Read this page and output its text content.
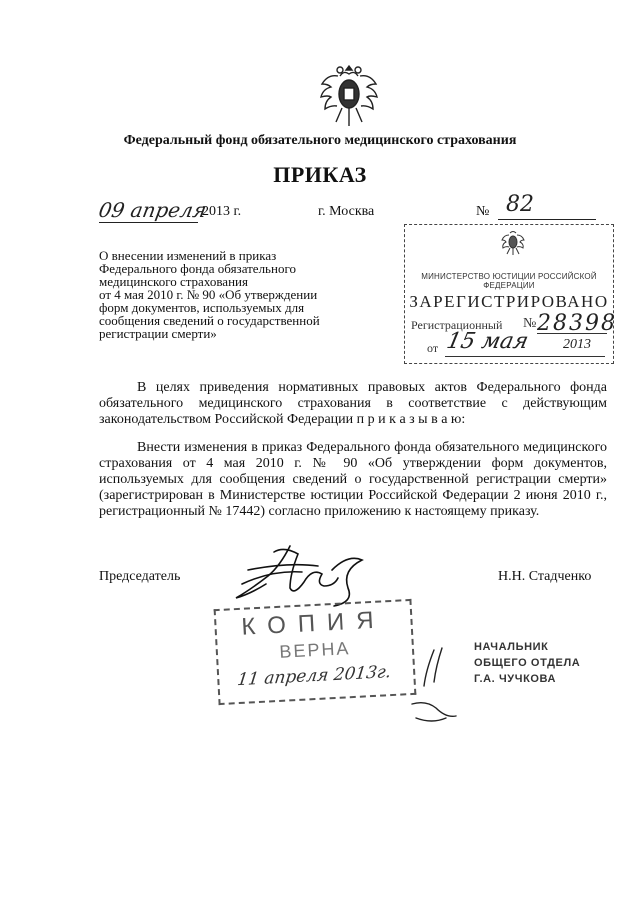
Федеральный фонд обязательного медицинского страхования
ПРИКАЗ
09 апреля
2013 г.	г. Москва	№ 82
О внесении изменений в приказ
Федерального фонда обязательного
медицинского страхования
от 4 мая 2010 г. № 90 «Об утверждении
форм документов, используемых для
сообщения сведений о государственной
регистрации смерти»
МИНИСТЕРСТВО ЮСТИЦИИ РОССИЙСКОЙ ФЕДЕРАЦИИ
ЗАРЕГИСТРИРОВАНО
Регистрационный № 28398
от 15 мая 2013
В целях приведения нормативных правовых актов Федерального фонда обязательного медицинского страхования в соответствие с действующим законодательством Российской Федерации п р и к а з ы в а ю:
Внести изменения в приказ Федерального фонда обязательного медицинского страхования от 4 мая 2010 г. № 90 «Об утверждении форм документов, используемых для сообщения сведений о государственной регистрации смерти» (зарегистрирован в Министерстве юстиции Российской Федерации 2 июня 2010 г., регистрационный № 17442) согласно приложению к настоящему приказу.
Председатель	Н.Н. Стадченко
КОПИЯ
ВЕРНА
11 апреля 2013г.
НАЧАЛЬНИК
ОБЩЕГО ОТДЕЛА
Г.А. ЧУЧКОВА
